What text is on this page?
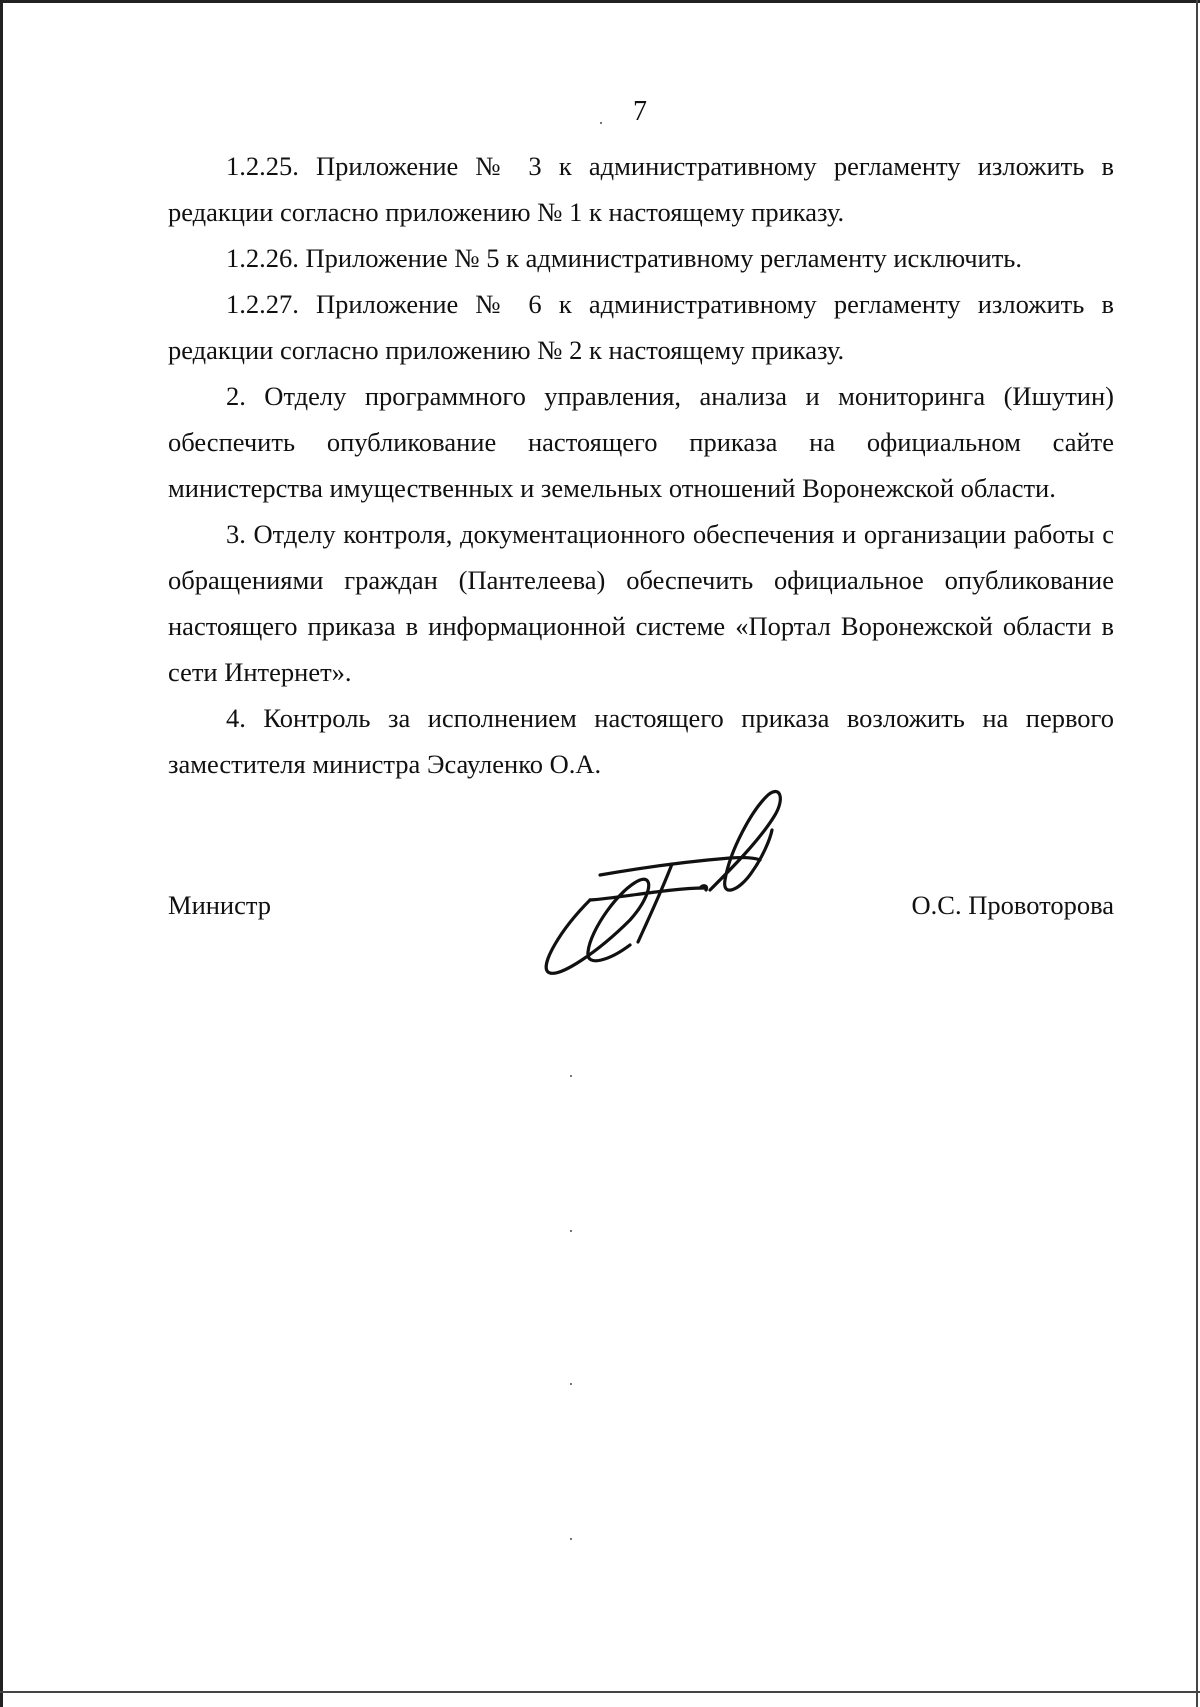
7

1.2.25. Приложение № 3 к административному регламенту изложить в редакции согласно приложению № 1 к настоящему приказу.

1.2.26. Приложение № 5 к административному регламенту исключить.

1.2.27. Приложение № 6 к административному регламенту изложить в редакции согласно приложению № 2 к настоящему приказу.

2. Отделу программного управления, анализа и мониторинга (Ишутин) обеспечить опубликование настоящего приказа на официальном сайте министерства имущественных и земельных отношений Воронежской области.

3. Отделу контроля, документационного обеспечения и организации работы с обращениями граждан (Пантелеева) обеспечить официальное опубликование настоящего приказа в информационной системе «Портал Воронежской области в сети Интернет».

4. Контроль за исполнением настоящего приказа возложить на первого заместителя министра Эсауленко О.А.

Министр	О.С. Провоторова
